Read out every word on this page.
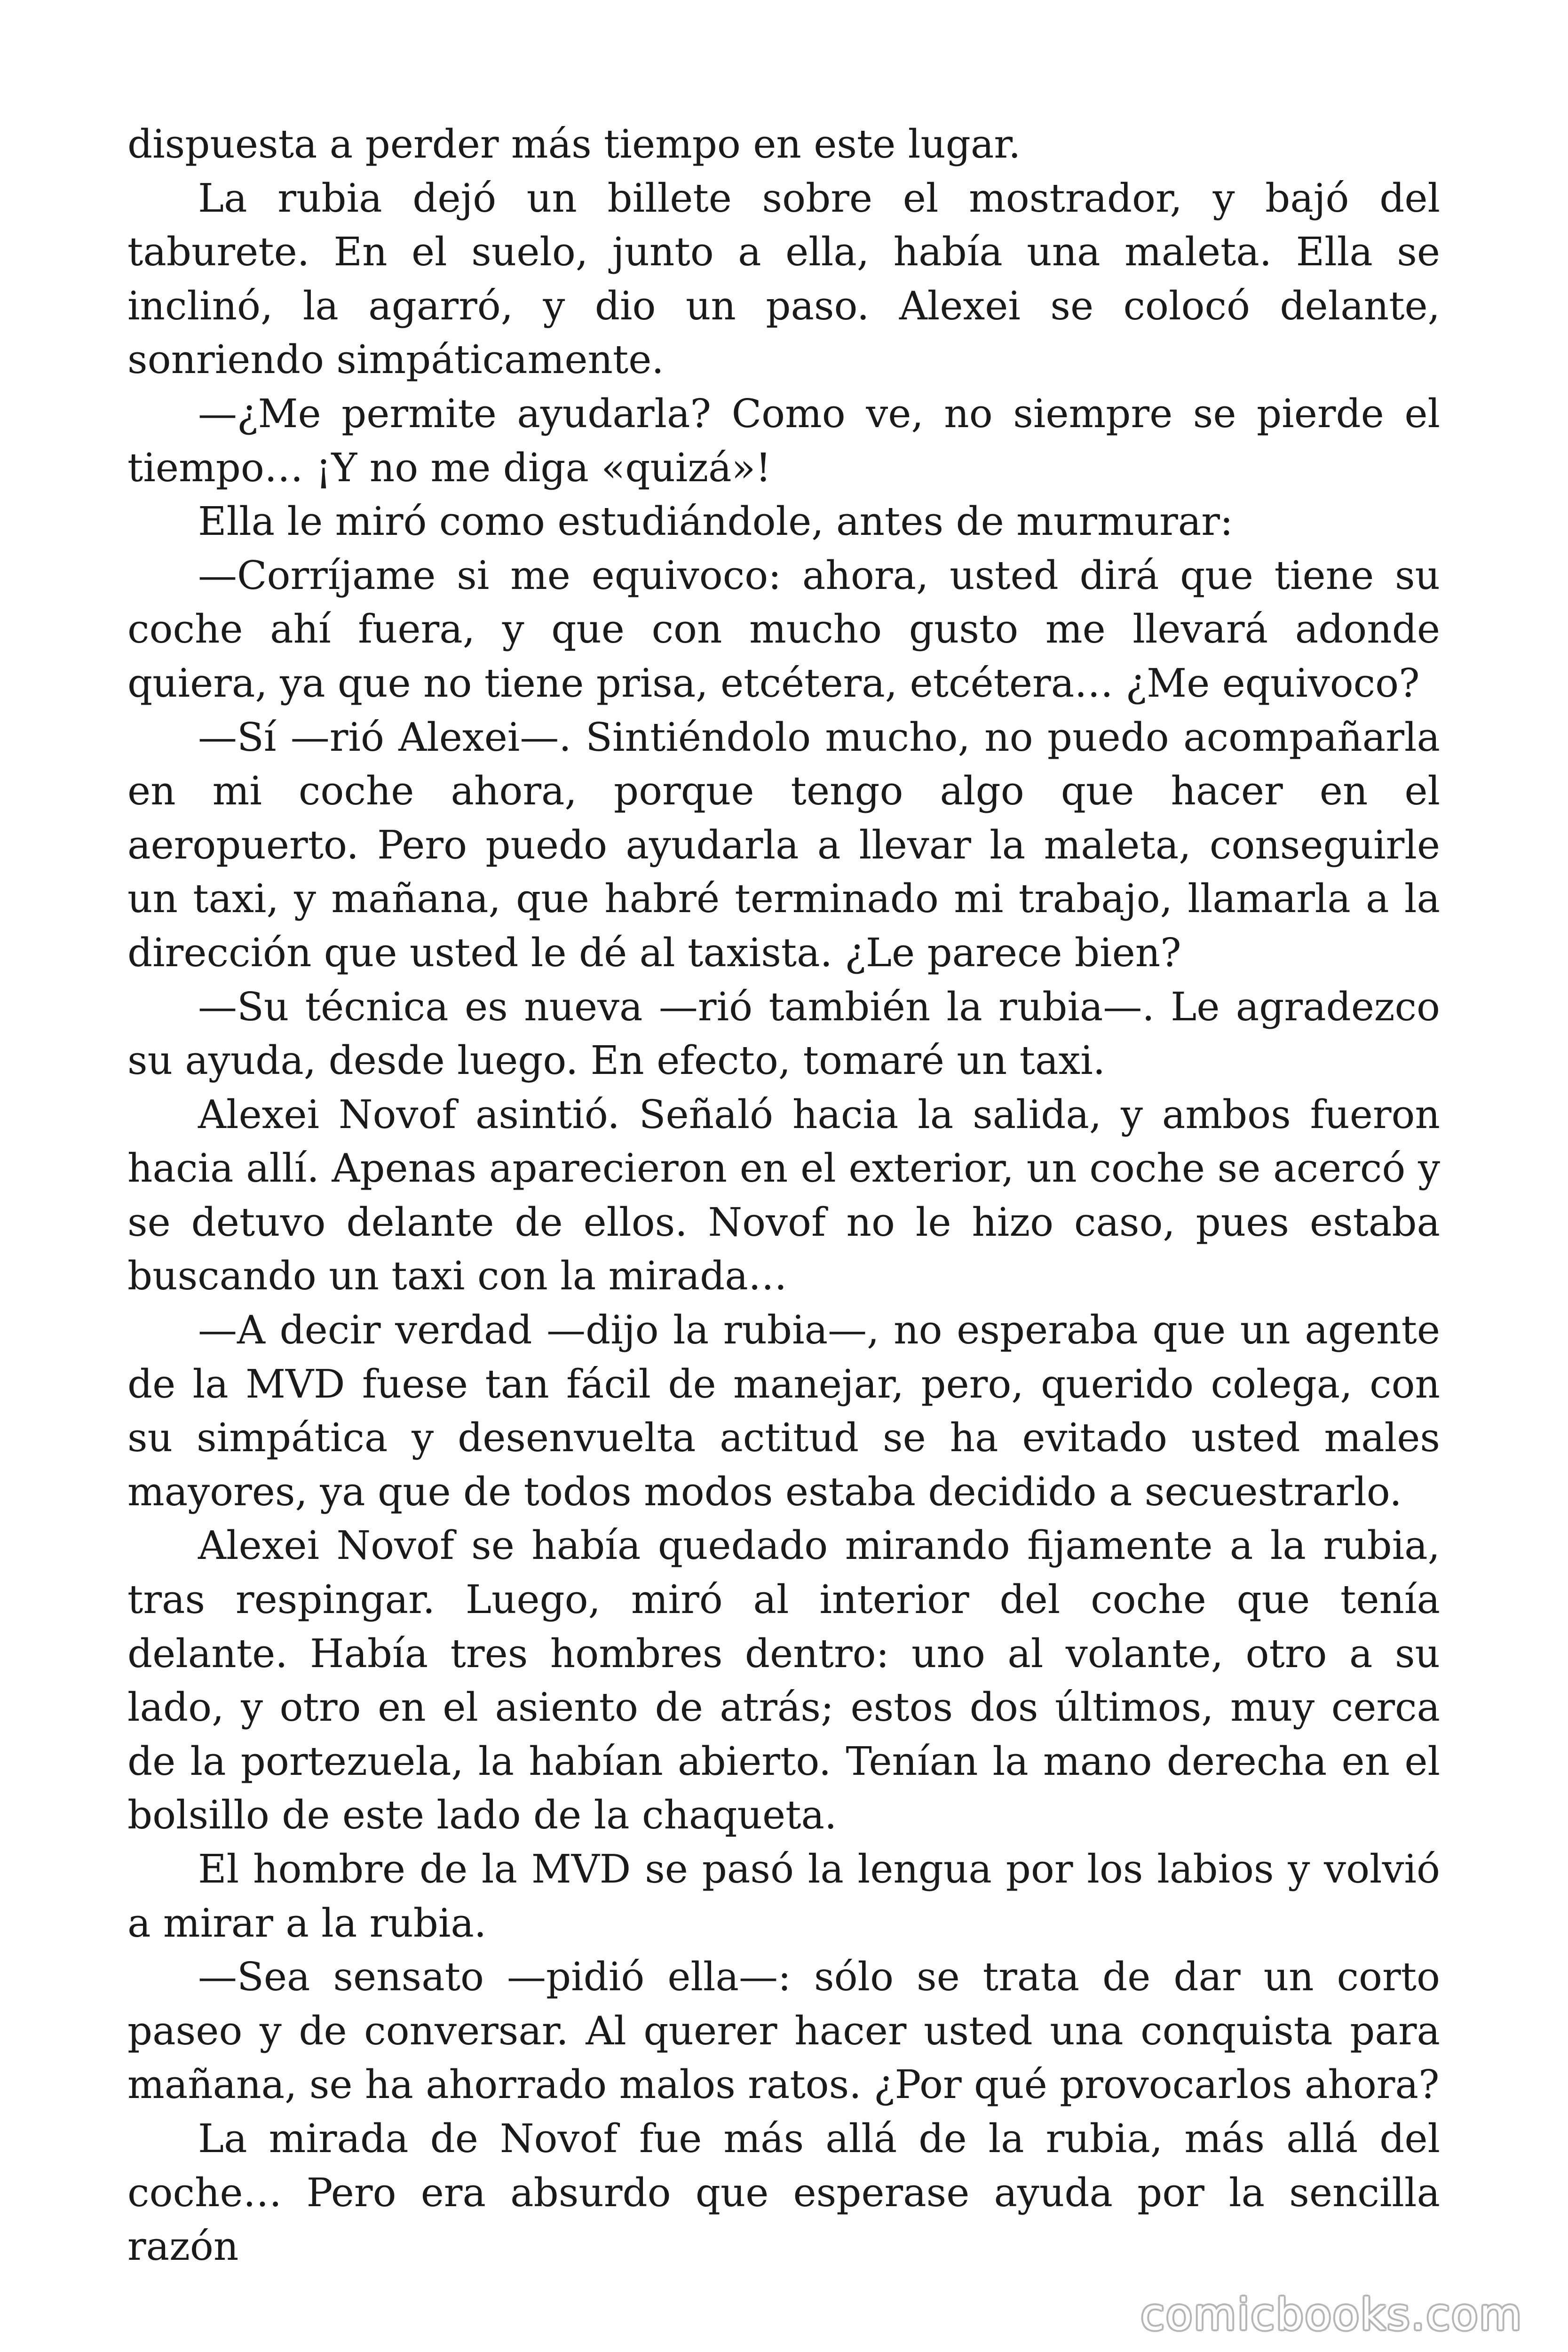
dispuesta a perder más tiempo en este lugar.

La rubia dejó un billete sobre el mostrador, y bajó del taburete. En el suelo, junto a ella, había una maleta. Ella se inclinó, la agarró, y dio un paso. Alexei se colocó delante, sonriendo simpáticamente.

—¿Me permite ayudarla? Como ve, no siempre se pierde el tiempo… ¡Y no me diga «quizá»!

Ella le miró como estudiándole, antes de murmurar:

—Corríjame si me equivoco: ahora, usted dirá que tiene su coche ahí fuera, y que con mucho gusto me llevará adonde quiera, ya que no tiene prisa, etcétera, etcétera… ¿Me equivoco?

—Sí —rió Alexei—. Sintiéndolo mucho, no puedo acompañarla en mi coche ahora, porque tengo algo que hacer en el aeropuerto. Pero puedo ayudarla a llevar la maleta, conseguirle un taxi, y mañana, que habré terminado mi trabajo, llamarla a la dirección que usted le dé al taxista. ¿Le parece bien?

—Su técnica es nueva —rió también la rubia—. Le agradezco su ayuda, desde luego. En efecto, tomaré un taxi.

Alexei Novof asintió. Señaló hacia la salida, y ambos fueron hacia allí. Apenas aparecieron en el exterior, un coche se acercó y se detuvo delante de ellos. Novof no le hizo caso, pues estaba buscando un taxi con la mirada…

—A decir verdad —dijo la rubia—, no esperaba que un agente de la MVD fuese tan fácil de manejar, pero, querido colega, con su simpática y desenvuelta actitud se ha evitado usted males mayores, ya que de todos modos estaba decidido a secuestrarlo.

Alexei Novof se había quedado mirando fijamente a la rubia, tras respingar. Luego, miró al interior del coche que tenía delante. Había tres hombres dentro: uno al volante, otro a su lado, y otro en el asiento de atrás; estos dos últimos, muy cerca de la portezuela, la habían abierto. Tenían la mano derecha en el bolsillo de este lado de la chaqueta.

El hombre de la MVD se pasó la lengua por los labios y volvió a mirar a la rubia.

—Sea sensato —pidió ella—: sólo se trata de dar un corto paseo y de conversar. Al querer hacer usted una conquista para mañana, se ha ahorrado malos ratos. ¿Por qué provocarlos ahora?

La mirada de Novof fue más allá de la rubia, más allá del coche… Pero era absurdo que esperase ayuda por la sencilla razón

comicbooks.com
